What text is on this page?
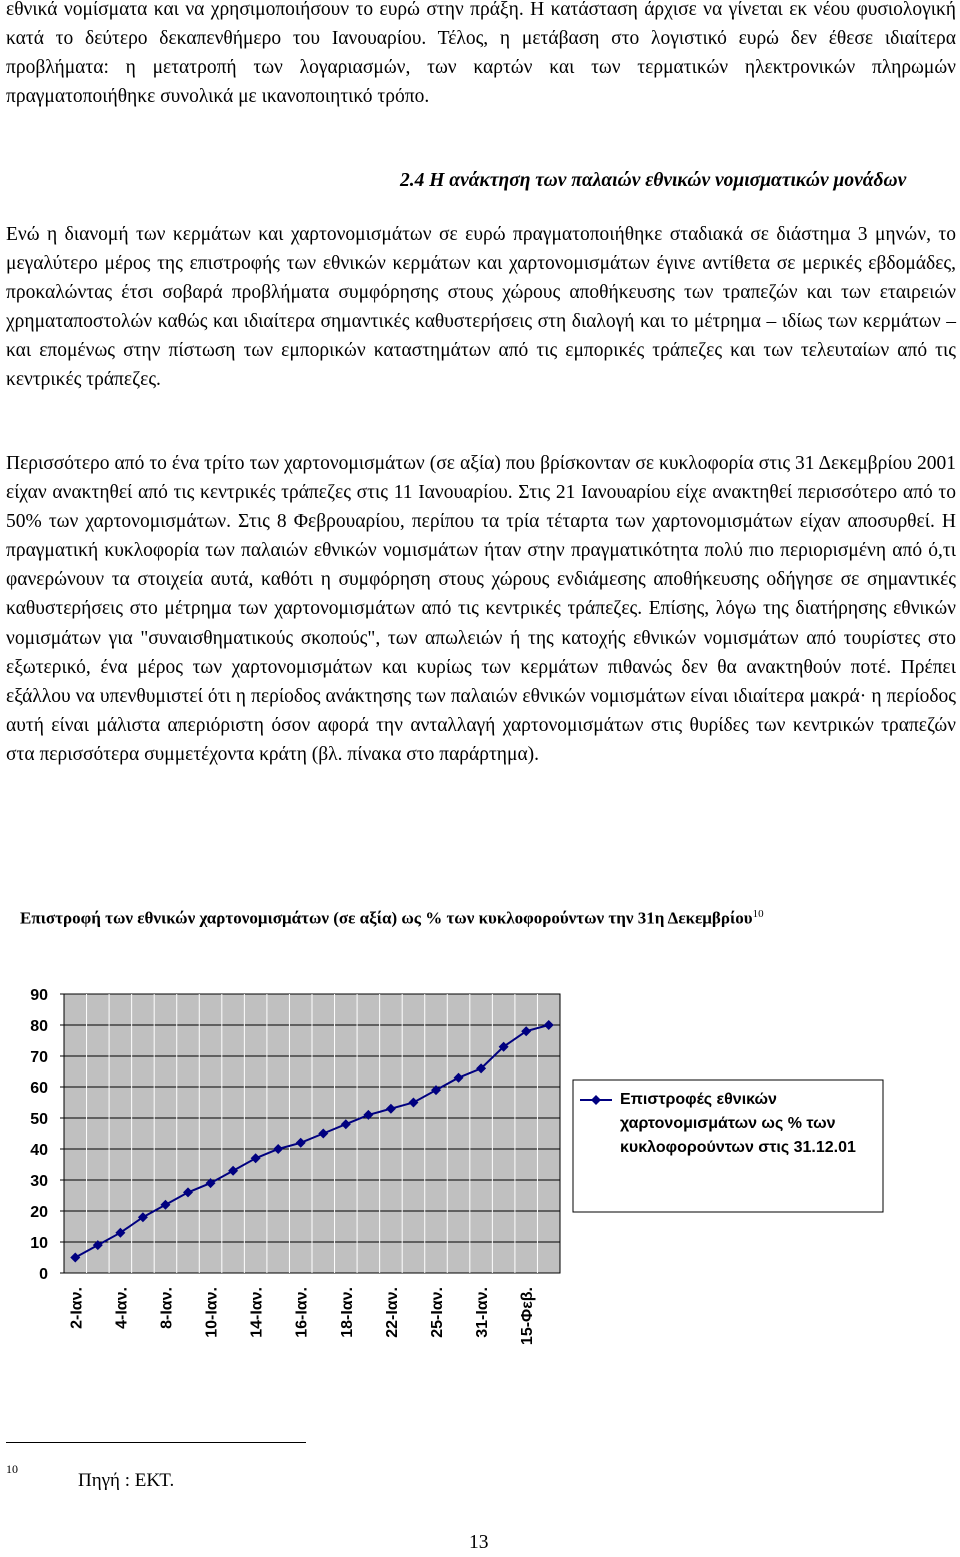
εθνικά νομίσματα και να χρησιμοποιήσουν το ευρώ στην πράξη. Η κατάσταση άρχισε να γίνεται εκ νέου φυσιολογική κατά το δεύτερο δεκαπενθήμερο του Ιανουαρίου. Τέλος, η μετάβαση στο λογιστικό ευρώ δεν έθεσε ιδιαίτερα προβλήματα: η μετατροπή των λογαριασμών, των καρτών και των τερματικών ηλεκτρονικών πληρωμών πραγματοποιήθηκε συνολικά με ικανοποιητικό τρόπο.

2.4 Η ανάκτηση των παλαιών εθνικών νομισματικών μονάδων

Ενώ η διανομή των κερμάτων και χαρτονομισμάτων σε ευρώ πραγματοποιήθηκε σταδιακά σε διάστημα 3 μηνών, το μεγαλύτερο μέρος της επιστροφής των εθνικών κερμάτων και χαρτονομισμάτων έγινε αντίθετα σε μερικές εβδομάδες, προκαλώντας έτσι σοβαρά προβλήματα συμφόρησης στους χώρους αποθήκευσης των τραπεζών και των εταιρειών χρηματαποστολών καθώς και ιδιαίτερα σημαντικές καθυστερήσεις στη διαλογή και το μέτρημα – ιδίως των κερμάτων – και επομένως στην πίστωση των εμπορικών καταστημάτων από τις εμπορικές τράπεζες και των τελευταίων από τις κεντρικές τράπεζες.

Περισσότερο από το ένα τρίτο των χαρτονομισμάτων (σε αξία) που βρίσκονταν σε κυκλοφορία στις 31 Δεκεμβρίου 2001 είχαν ανακτηθεί από τις κεντρικές τράπεζες στις 11 Ιανουαρίου. Στις 21 Ιανουαρίου είχε ανακτηθεί περισσότερο από το 50% των χαρτονομισμάτων. Στις 8 Φεβρουαρίου, περίπου τα τρία τέταρτα των χαρτονομισμάτων είχαν αποσυρθεί. Η πραγματική κυκλοφορία των παλαιών εθνικών νομισμάτων ήταν στην πραγματικότητα πολύ πιο περιορισμένη από ό,τι φανερώνουν τα στοιχεία αυτά, καθότι η συμφόρηση στους χώρους ενδιάμεσης αποθήκευσης οδήγησε σε σημαντικές καθυστερήσεις στο μέτρημα των χαρτονομισμάτων από τις κεντρικές τράπεζες. Επίσης, λόγω της διατήρησης εθνικών νομισμάτων για "συναισθηματικούς σκοπούς", των απωλειών ή της κατοχής εθνικών νομισμάτων από τουρίστες στο εξωτερικό, ένα μέρος των χαρτονομισμάτων και κυρίως των κερμάτων πιθανώς δεν θα ανακτηθούν ποτέ. Πρέπει εξάλλου να υπενθυμιστεί ότι η περίοδος ανάκτησης των παλαιών εθνικών νομισμάτων είναι ιδιαίτερα μακρά· η περίοδος αυτή είναι μάλιστα απεριόριστη όσον αφορά την ανταλλαγή χαρτονομισμάτων στις θυρίδες των κεντρικών τραπεζών στα περισσότερα συμμετέχοντα κράτη (βλ. πίνακα στο παράρτημα).

Επιστροφή των εθνικών χαρτονομισμάτων (σε αξία) ως % των κυκλοφορούντων την 31η Δεκεμβρίου$^{10}$

0
10
20
30
40
50
60
70
80
90
2-Ιαν. 4-Ιαν. 8-Ιαν. 10-Ιαν. 14-Ιαν. 16-Ιαν. 18-Ιαν. 22-Ιαν. 25-Ιαν. 31-Ιαν. 15-Φεβ.

Επιστροφές εθνικών χαρτονομισμάτων ως % των κυκλοφορούντων στις 31.12.01

10
Πηγή : ΕΚΤ.
13
